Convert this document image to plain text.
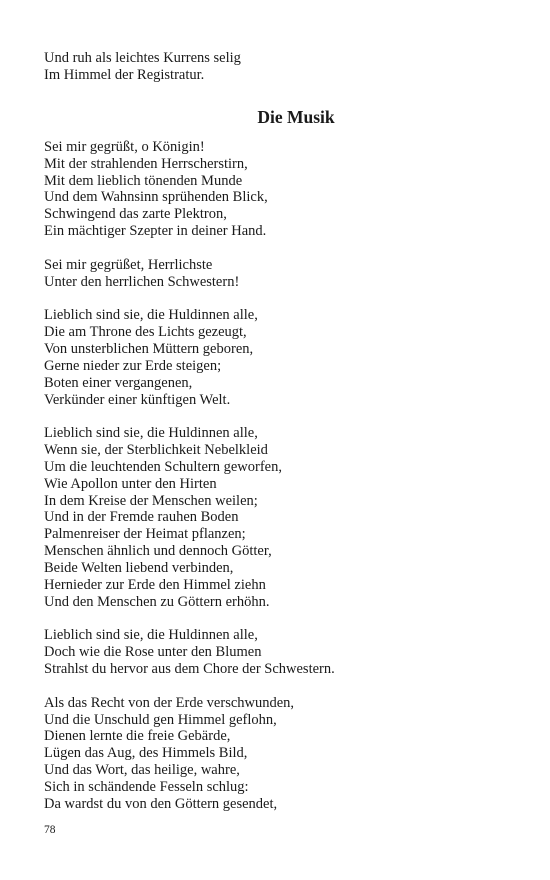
Und ruh als leichtes Kurrens selig
Im Himmel der Registratur.
Die Musik
Sei mir gegrüßt, o Königin!
Mit der strahlenden Herrscherstirn,
Mit dem lieblich tönenden Munde
Und dem Wahnsinn sprühenden Blick,
Schwingend das zarte Plektron,
Ein mächtiger Szepter in deiner Hand.
Sei mir gegrüßet, Herrlichste
Unter den herrlichen Schwestern!
Lieblich sind sie, die Huldinnen alle,
Die am Throne des Lichts gezeugt,
Von unsterblichen Müttern geboren,
Gerne nieder zur Erde steigen;
Boten einer vergangenen,
Verkünder einer künftigen Welt.
Lieblich sind sie, die Huldinnen alle,
Wenn sie, der Sterblichkeit Nebelkleid
Um die leuchtenden Schultern geworfen,
Wie Apollon unter den Hirten
In dem Kreise der Menschen weilen;
Und in der Fremde rauhen Boden
Palmenreiser der Heimat pflanzen;
Menschen ähnlich und dennoch Götter,
Beide Welten liebend verbinden,
Hernieder zur Erde den Himmel ziehn
Und den Menschen zu Göttern erhöhn.
Lieblich sind sie, die Huldinnen alle,
Doch wie die Rose unter den Blumen
Strahlst du hervor aus dem Chore der Schwestern.
Als das Recht von der Erde verschwunden,
Und die Unschuld gen Himmel geflohn,
Dienen lernte die freie Gebärde,
Lügen das Aug, des Himmels Bild,
Und das Wort, das heilige, wahre,
Sich in schändende Fesseln schlug:
Da wardst du von den Göttern gesendet,
78
